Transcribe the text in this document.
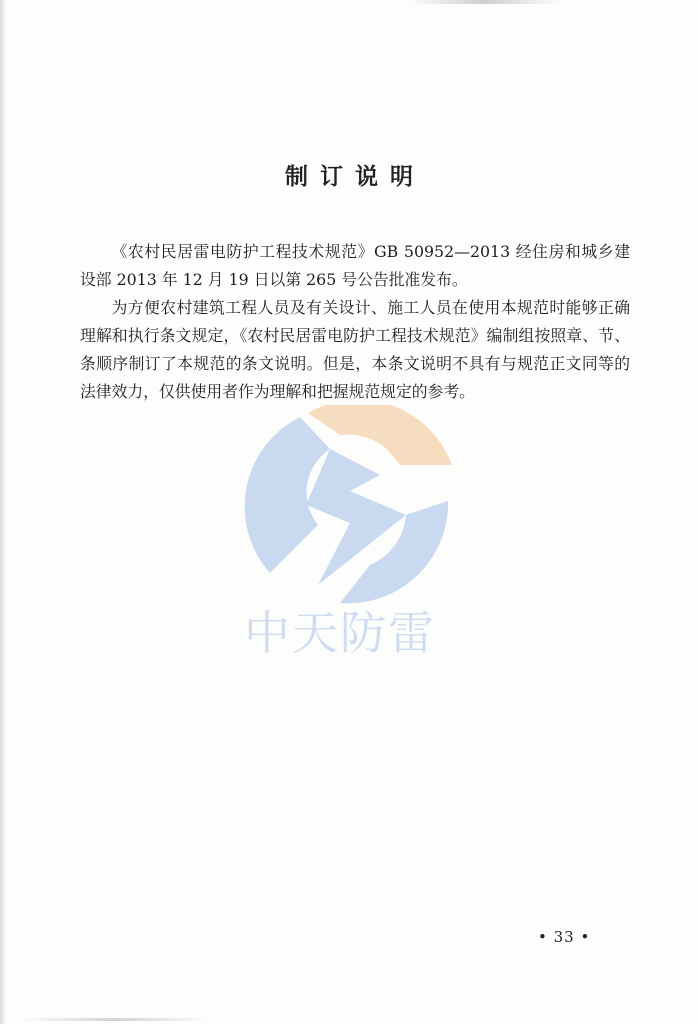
中天防雷
制订说明

《农村民居雷电防护工程技术规范》GB 50952—2013 经住房和城乡建设部 2013 年 12 月 19 日以第 265 号公告批准发布。

为方便农村建筑工程人员及有关设计、施工人员在使用本规范时能够正确理解和执行条文规定，《农村民居雷电防护工程技术规范》编制组按照章、节、条顺序制订了本规范的条文说明。但是，本条文说明不具有与规范正文同等的法律效力，仅供使用者作为理解和把握规范规定的参考。

• 33 •
